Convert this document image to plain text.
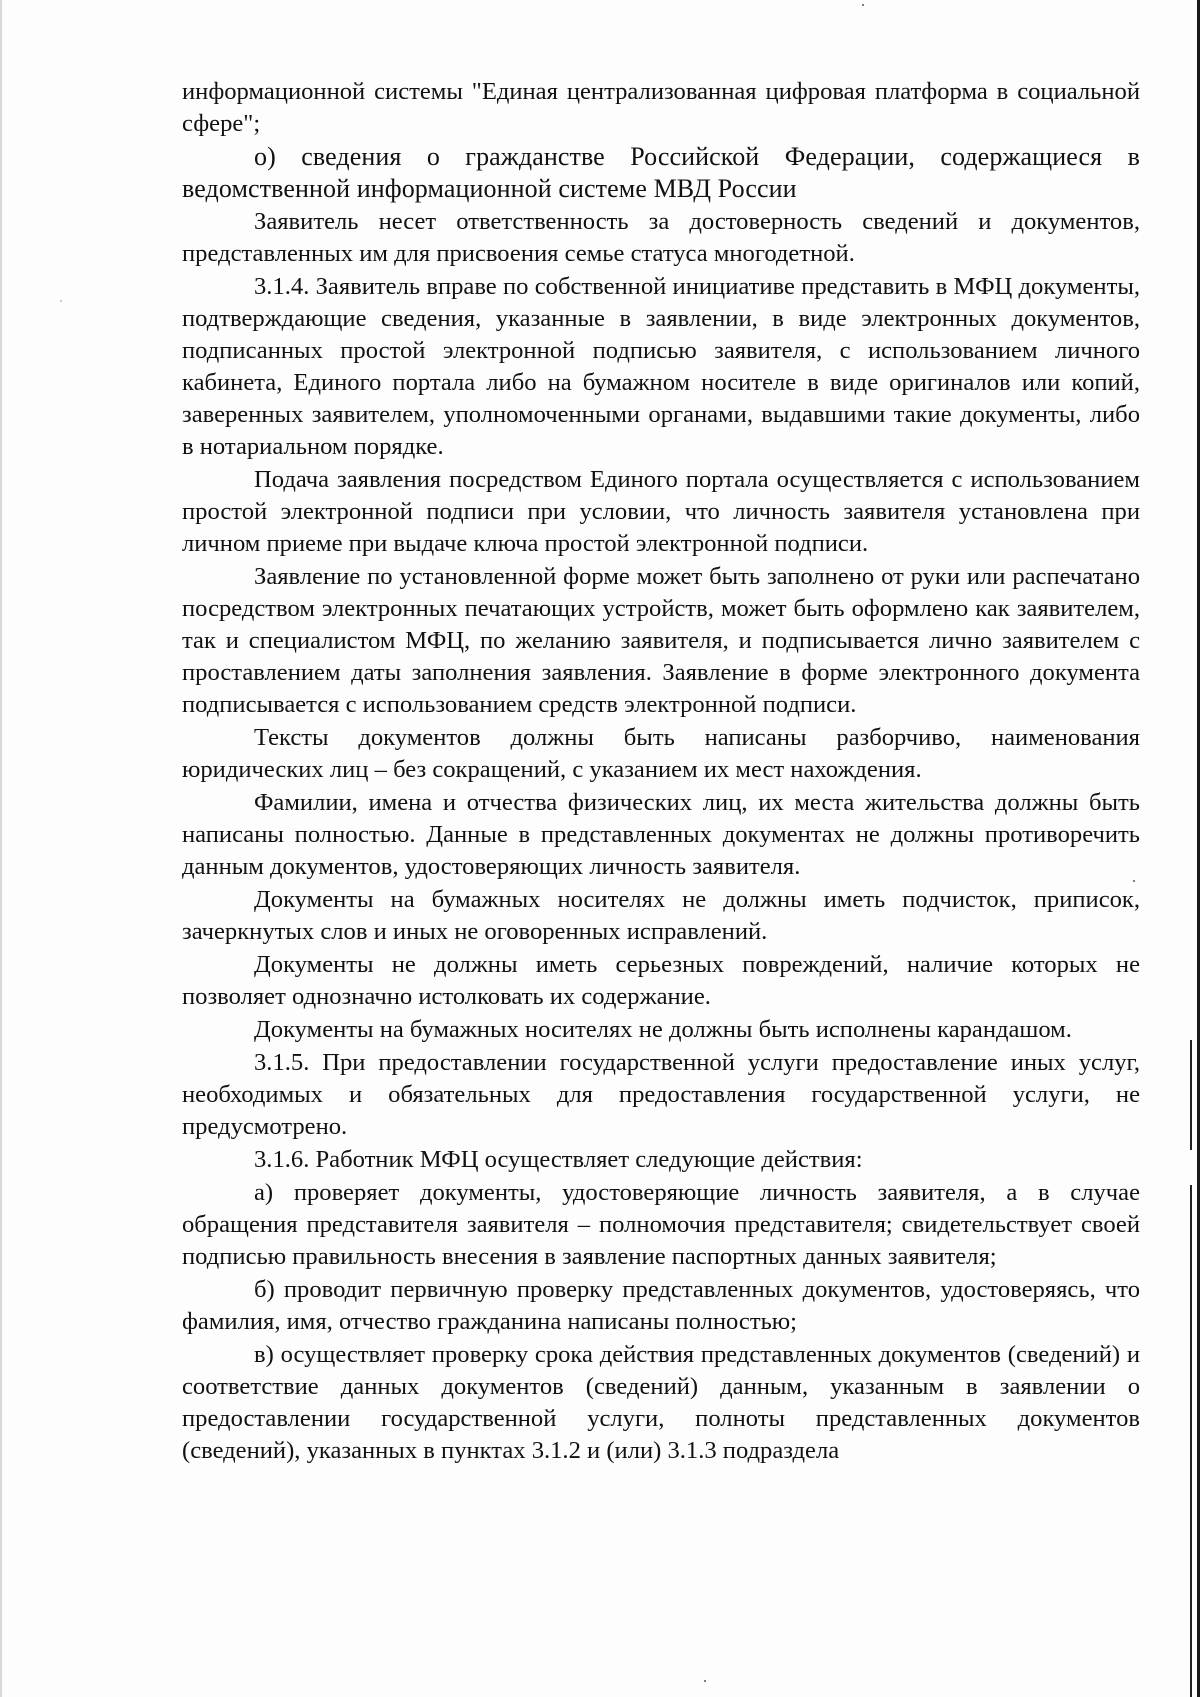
информационной системы "Единая централизованная цифровая платформа в социальной сфере";

о) сведения о гражданстве Российской Федерации, содержащиеся в ведомственной информационной системе МВД России

Заявитель несет ответственность за достоверность сведений и документов, представленных им для присвоения семье статуса многодетной.

3.1.4. Заявитель вправе по собственной инициативе представить в МФЦ документы, подтверждающие сведения, указанные в заявлении, в виде электронных документов, подписанных простой электронной подписью заявителя, с использованием личного кабинета, Единого портала либо на бумажном носителе в виде оригиналов или копий, заверенных заявителем, уполномоченными органами, выдавшими такие документы, либо в нотариальном порядке.

Подача заявления посредством Единого портала осуществляется с использованием простой электронной подписи при условии, что личность заявителя установлена при личном приеме при выдаче ключа простой электронной подписи.

Заявление по установленной форме может быть заполнено от руки или распечатано посредством электронных печатающих устройств, может быть оформлено как заявителем, так и специалистом МФЦ, по желанию заявителя, и подписывается лично заявителем с проставлением даты заполнения заявления. Заявление в форме электронного документа подписывается с использованием средств электронной подписи.

Тексты документов должны быть написаны разборчиво, наименования юридических лиц – без сокращений, с указанием их мест нахождения.

Фамилии, имена и отчества физических лиц, их места жительства должны быть написаны полностью. Данные в представленных документах не должны противоречить данным документов, удостоверяющих личность заявителя.

Документы на бумажных носителях не должны иметь подчисток, приписок, зачеркнутых слов и иных не оговоренных исправлений.

Документы не должны иметь серьезных повреждений, наличие которых не позволяет однозначно истолковать их содержание.

Документы на бумажных носителях не должны быть исполнены карандашом.

3.1.5. При предоставлении государственной услуги предоставление иных услуг, необходимых и обязательных для предоставления государственной услуги, не предусмотрено.

3.1.6. Работник МФЦ осуществляет следующие действия:

а) проверяет документы, удостоверяющие личность заявителя, а в случае обращения представителя заявителя – полномочия представителя; свидетельствует своей подписью правильность внесения в заявление паспортных данных заявителя;

б) проводит первичную проверку представленных документов, удостоверяясь, что фамилия, имя, отчество гражданина написаны полностью;

в) осуществляет проверку срока действия представленных документов (сведений) и соответствие данных документов (сведений) данным, указанным в заявлении о предоставлении государственной услуги, полноты представленных документов (сведений), указанных в пунктах 3.1.2 и (или) 3.1.3 подраздела
